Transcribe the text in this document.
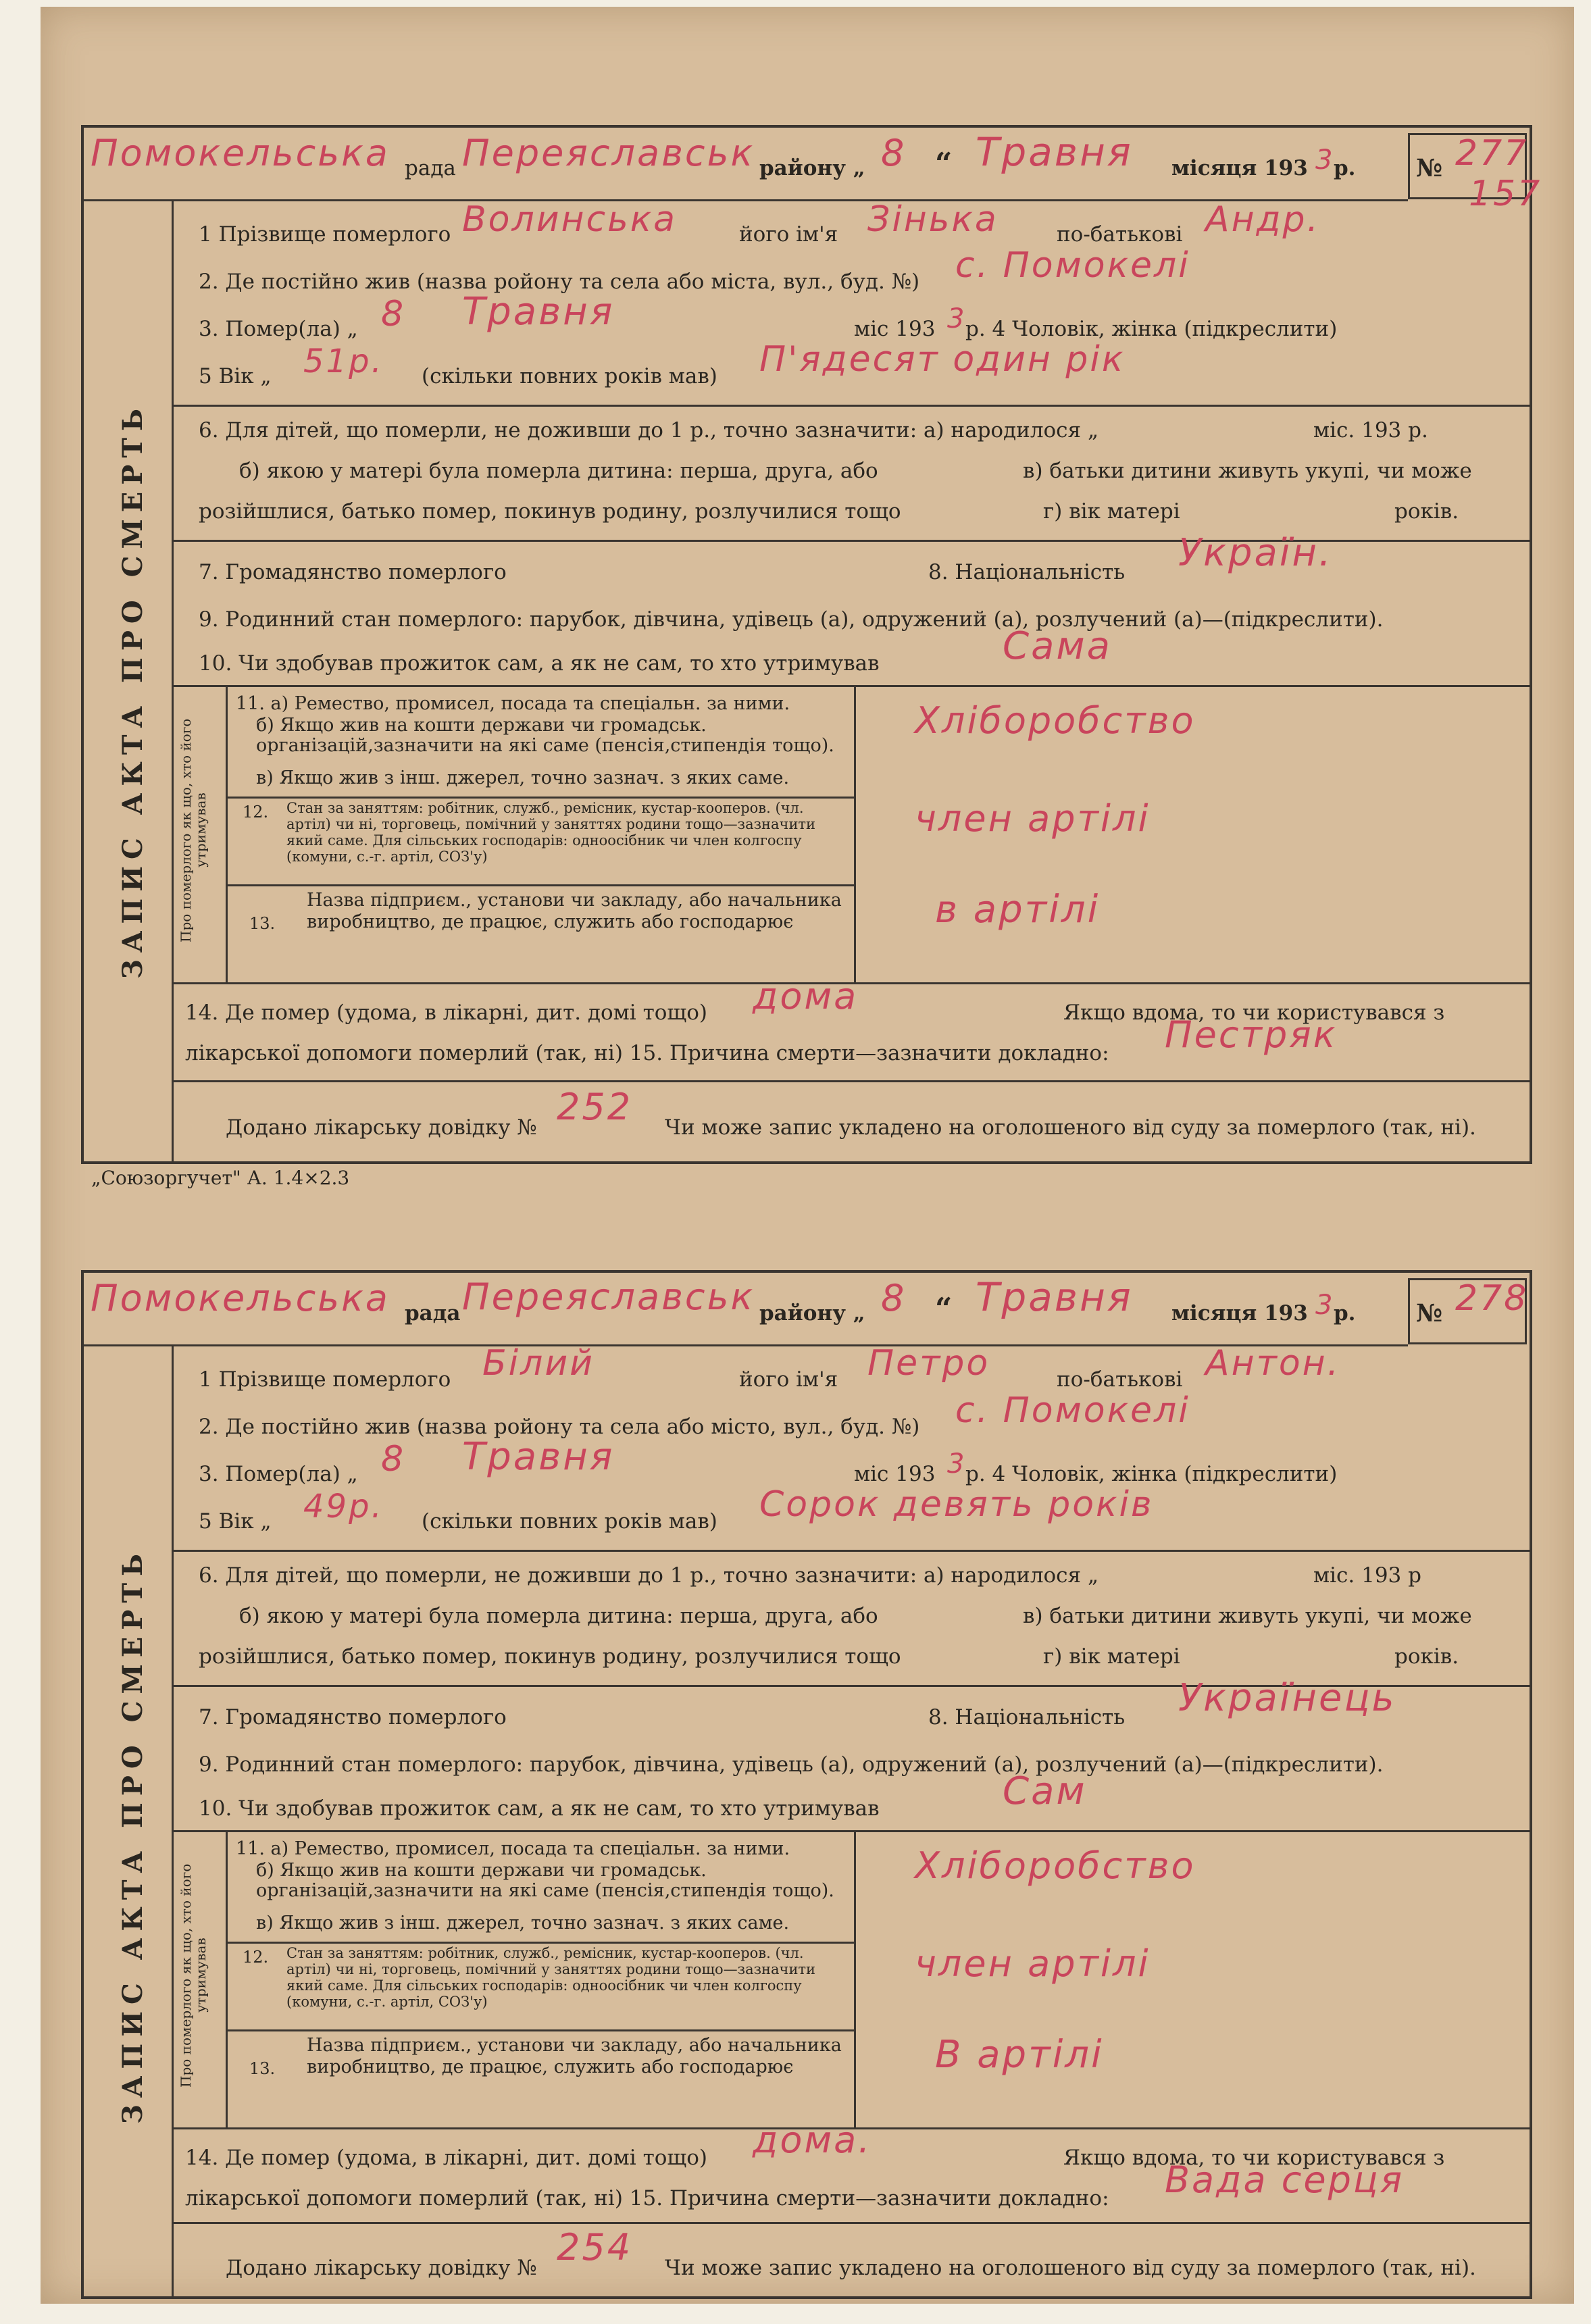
Помокельська рада Переяславськ району „ 8 “ Травня місяця 193 3
р. № 277
157
ЗАПИС АКТА ПРО СМЕРТЬ
1 Прізвище померлого Волинська	його ім'я Зінька	по-батькові Андр.
2. Де постійно жив (назва ройону та села або міста, вул., буд. №) с. Помокелі
3. Помер(ла) „ 8 Травня	міс 193 3
р. 4 Чоловік, жінка (підкреслити)
5 Вік „ 51р. (скільки повних років мав) П'ядесят один рік
6. Для дітей, що померли, не доживши до 1 р., точно зазначити: а) народилося „	міс. 193 р.
б) якою у матері була померла дитина: перша, друга, або	в) батьки дитини живуть укупі, чи може
розійшлися, батько помер, покинув родину, розлучилися тощо	г) вік матері	років.
7. Громадянство померлого	8. Національність Україн.
9. Родинний стан померлого: парубок, дівчина, удівець (а), одружений (а), розлучений (а)—(підкреслити).
10. Чи здобував прожиток сам, а як не сам, то хто утримував	Сама
Про померлого як що, хто його утримував
11. а) Ремество, промисел, посада та спеціальн. за ними.
б) Якщо жив на кошти держави чи громадськ. організацій,зазначити на які саме (пенсія,стипендія тощо).
в) Якщо жив з інш. джерел, точно зазнач. з яких саме.
Хліборобство
12. Стан за заняттям: робітник, служб., ремісник, кустар-кооперов. (чл. артіл) чи ні, торговець, помічний у заняттях родини тощо—зазначити який саме. Для сільських господарів: одноосібник чи член колгоспу (комуни, с.-г. артіл, СОЗ'у)
член артілі
13.
Назва підприєм., установи чи закладу, або начальника виробництво, де працює, служить або господарює	в артілі
14. Де помер (удома, в лікарні, дит. домі тощо) дома	Якщо вдома, то чи користувався з
лікарської допомоги померлий (так, ні) 15. Причина смерти—зазначити докладно: Пестряк
Додано лікарську довідку № 252 Чи може запис укладено на оголошеного від суду за померлого (так, ні).
„Союзоргучет" А. 1.4×2.3
Помокельська рада Переяславськ району „ 8 “ Травня місяця 193 3
р. № 278
ЗАПИС АКТА ПРО СМЕРТЬ
1 Прізвище померлого Білий	його ім'я Петро	по-батькові Антон.
2. Де постійно жив (назва ройону та села або місто, вул., буд. №) с. Помокелі
3. Помер(ла) „ 8 Травня	міс 193 3
р. 4 Чоловік, жінка (підкреслити)
5 Вік „ 49р. (скільки повних років мав) Сорок девять років
6. Для дітей, що померли, не доживши до 1 р., точно зазначити: а) народилося „	міс. 193 р
б) якою у матері була померла дитина: перша, друга, або	в) батьки дитини живуть укупі, чи може
розійшлися, батько помер, покинув родину, розлучилися тощо	г) вік матері	років.
7. Громадянство померлого	8. Національність Українець
9. Родинний стан померлого: парубок, дівчина, удівець (а), одружений (а), розлучений (а)—(підкреслити).
10. Чи здобував прожиток сам, а як не сам, то хто утримував	Сам
Про померлого як що, хто його утримував
11. а) Ремество, промисел, посада та спеціальн. за ними.
б) Якщо жив на кошти держави чи громадськ. організацій,зазначити на які саме (пенсія,стипендія тощо).
в) Якщо жив з інш. джерел, точно зазнач. з яких саме.
Хліборобство
12. Стан за заняттям: робітник, служб., ремісник, кустар-кооперов. (чл. артіл) чи ні, торговець, помічний у заняттях родини тощо—зазначити який саме. Для сільських господарів: одноосібник чи член колгоспу (комуни, с.-г. артіл, СОЗ'у)
член артілі
13.
Назва підприєм., установи чи закладу, або начальника виробництво, де працює, служить або господарює	В артілі
14. Де помер (удома, в лікарні, дит. домі тощо) дома.	Якщо вдома, то чи користувався з
лікарської допомоги померлий (так, ні) 15. Причина смерти—зазначити докладно: Вада серця
Додано лікарську довідку № 254 Чи може запис укладено на оголошеного від суду за померлого (так, ні).
